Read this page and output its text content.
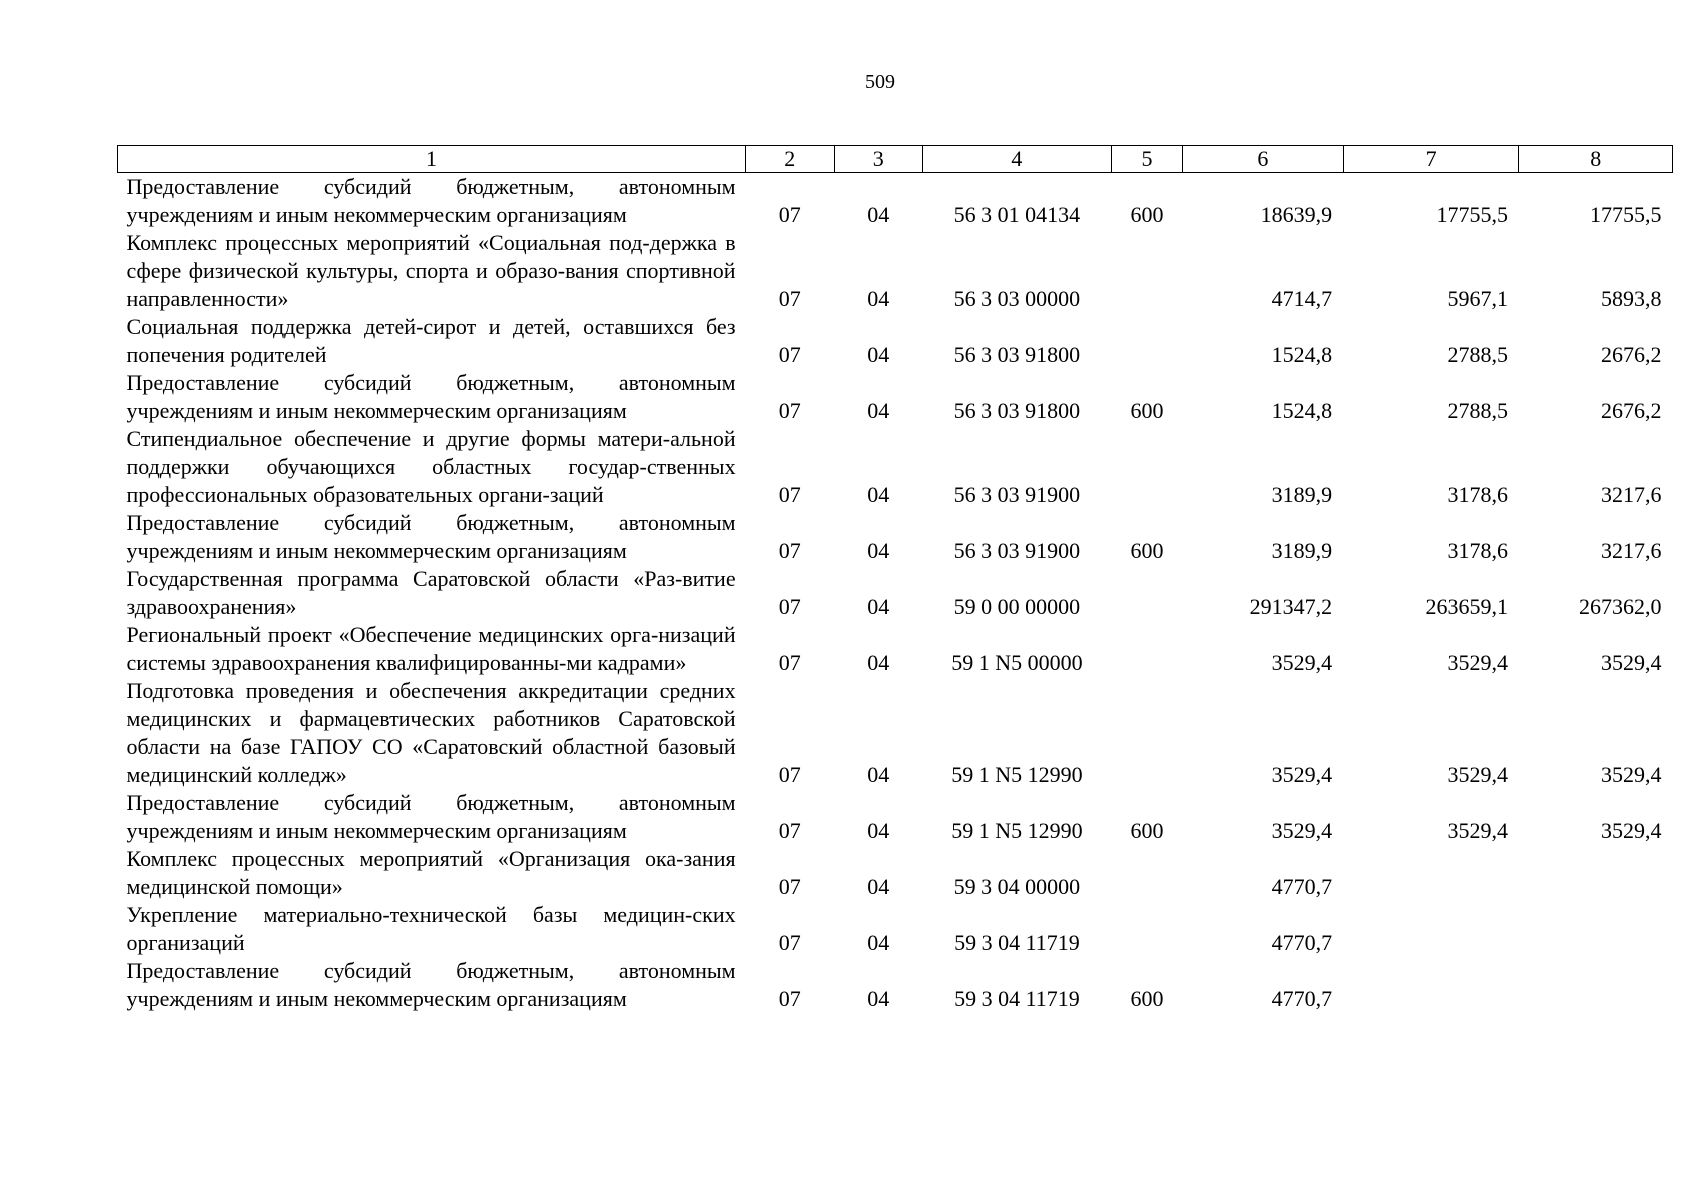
509
1	2	3	4	5	6	7	8
Предоставление субсидий бюджетным, автономным учреждениям и иным некоммерческим организациям	07	04	56 3 01 04134	600	18639,9	17755,5	17755,5
Комплекс процессных мероприятий «Социальная под-держка в сфере физической культуры, спорта и образо-вания спортивной направленности»	07	04	56 3 03 00000		4714,7	5967,1	5893,8
Социальная поддержка детей-сирот и детей, оставшихся без попечения родителей	07	04	56 3 03 91800		1524,8	2788,5	2676,2
Предоставление субсидий бюджетным, автономным учреждениям и иным некоммерческим организациям	07	04	56 3 03 91800	600	1524,8	2788,5	2676,2
Стипендиальное обеспечение и другие формы матери-альной поддержки обучающихся областных государ-ственных профессиональных образовательных органи-заций	07	04	56 3 03 91900		3189,9	3178,6	3217,6
Предоставление субсидий бюджетным, автономным учреждениям и иным некоммерческим организациям	07	04	56 3 03 91900	600	3189,9	3178,6	3217,6
Государственная программа Саратовской области «Раз-витие здравоохранения»	07	04	59 0 00 00000		291347,2	263659,1	267362,0
Региональный проект «Обеспечение медицинских орга-низаций системы здравоохранения квалифицированны-ми кадрами»	07	04	59 1 N5 00000		3529,4	3529,4	3529,4
Подготовка проведения и обеспечения аккредитации средних медицинских и фармацевтических работников Саратовской области на базе ГАПОУ СО «Саратовский областной базовый медицинский колледж»	07	04	59 1 N5 12990		3529,4	3529,4	3529,4
Предоставление субсидий бюджетным, автономным учреждениям и иным некоммерческим организациям	07	04	59 1 N5 12990	600	3529,4	3529,4	3529,4
Комплекс процессных мероприятий «Организация ока-зания медицинской помощи»	07	04	59 3 04 00000		4770,7		
Укрепление материально-технической базы медицин-ских организаций	07	04	59 3 04 11719		4770,7		
Предоставление субсидий бюджетным, автономным учреждениям и иным некоммерческим организациям	07	04	59 3 04 11719	600	4770,7		
